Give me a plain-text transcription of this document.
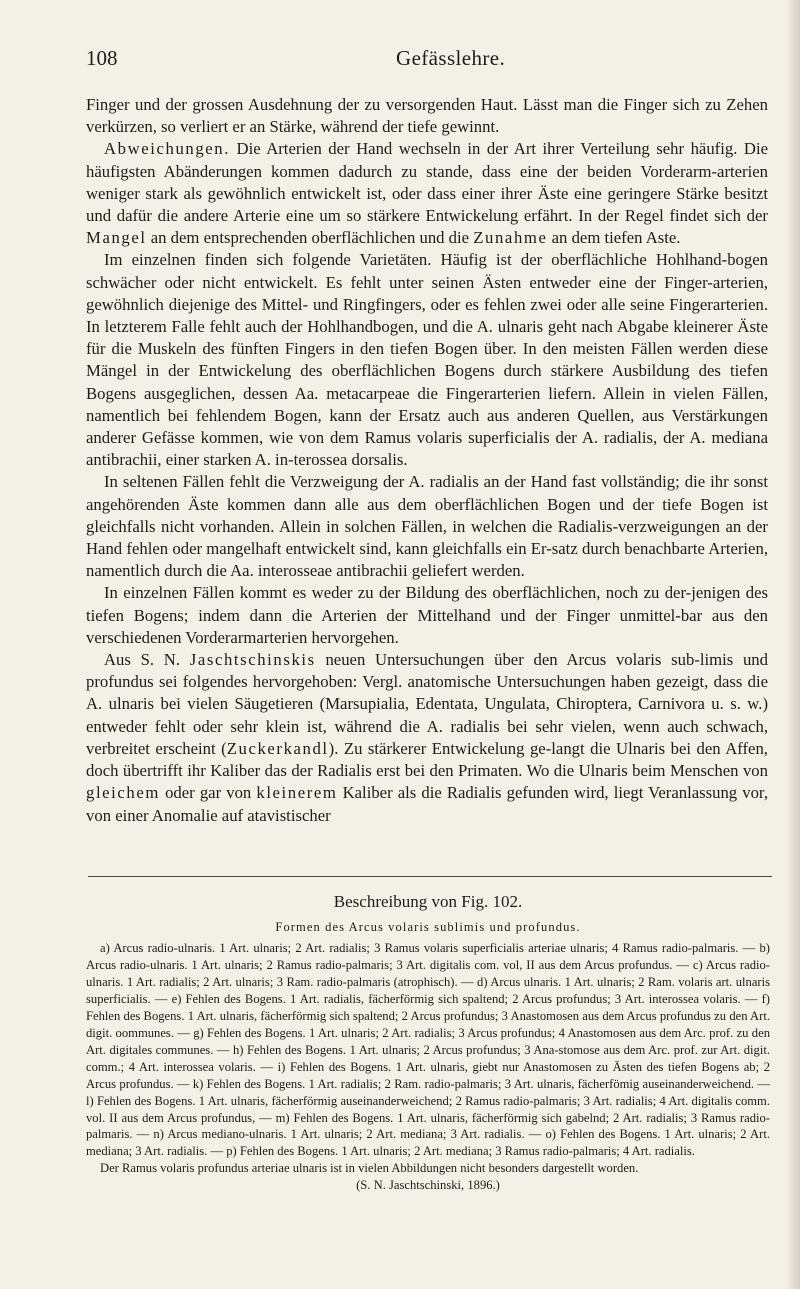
108	Gefässlehre.

Finger und der grossen Ausdehnung der zu versorgenden Haut. Lässt man die Finger sich zu Zehen verkürzen, so verliert er an Stärke, während der tiefe gewinnt.

Abweichungen. Die Arterien der Hand wechseln in der Art ihrer Verteilung sehr häufig. Die häufigsten Abänderungen kommen dadurch zu stande, dass eine der beiden Vorderarm-arterien weniger stark als gewöhnlich entwickelt ist, oder dass einer ihrer Äste eine geringere Stärke besitzt und dafür die andere Arterie eine um so stärkere Entwickelung erfährt. In der Regel findet sich der Mangel an dem entsprechenden oberflächlichen und die Zunahme an dem tiefen Aste.

Im einzelnen finden sich folgende Varietäten. Häufig ist der oberflächliche Hohlhand-bogen schwächer oder nicht entwickelt. Es fehlt unter seinen Ästen entweder eine der Finger-arterien, gewöhnlich diejenige des Mittel- und Ringfingers, oder es fehlen zwei oder alle seine Fingerarterien. In letzterem Falle fehlt auch der Hohlhandbogen, und die A. ulnaris geht nach Abgabe kleinerer Äste für die Muskeln des fünften Fingers in den tiefen Bogen über. In den meisten Fällen werden diese Mängel in der Entwickelung des oberflächlichen Bogens durch stärkere Ausbildung des tiefen Bogens ausgeglichen, dessen Aa. metacarpeae die Fingerarterien liefern. Allein in vielen Fällen, namentlich bei fehlendem Bogen, kann der Ersatz auch aus anderen Quellen, aus Verstärkungen anderer Gefässe kommen, wie von dem Ramus volaris superficialis der A. radialis, der A. mediana antibrachii, einer starken A. in-terossea dorsalis.

In seltenen Fällen fehlt die Verzweigung der A. radialis an der Hand fast vollständig; die ihr sonst angehörenden Äste kommen dann alle aus dem oberflächlichen Bogen und der tiefe Bogen ist gleichfalls nicht vorhanden. Allein in solchen Fällen, in welchen die Radialis-verzweigungen an der Hand fehlen oder mangelhaft entwickelt sind, kann gleichfalls ein Er-satz durch benachbarte Arterien, namentlich durch die Aa. interosseae antibrachii geliefert werden.

In einzelnen Fällen kommt es weder zu der Bildung des oberflächlichen, noch zu der-jenigen des tiefen Bogens; indem dann die Arterien der Mittelhand und der Finger unmittel-bar aus den verschiedenen Vorderarmarterien hervorgehen.

Aus S. N. Jaschtschinskis neuen Untersuchungen über den Arcus volaris sub-limis und profundus sei folgendes hervorgehoben: Vergl. anatomische Untersuchungen haben gezeigt, dass die A. ulnaris bei vielen Säugetieren (Marsupialia, Edentata, Ungulata, Chiroptera, Carnivora u. s. w.) entweder fehlt oder sehr klein ist, während die A. radialis bei sehr vielen, wenn auch schwach, verbreitet erscheint (Zuckerkandl). Zu stärkerer Entwickelung ge-langt die Ulnaris bei den Affen, doch übertrifft ihr Kaliber das der Radialis erst bei den Primaten. Wo die Ulnaris beim Menschen von gleichem oder gar von kleinerem Kaliber als die Radialis gefunden wird, liegt Veranlassung vor, von einer Anomalie auf atavistischer

Beschreibung von Fig. 102.
Formen des Arcus volaris sublimis und profundus.

a) Arcus radio-ulnaris. 1 Art. ulnaris; 2 Art. radialis; 3 Ramus volaris superficialis arteriae ulnaris; 4 Ramus radio-palmaris. — b) Arcus radio-ulnaris. 1 Art. ulnaris; 2 Ramus radio-palmaris; 3 Art. digitalis com. vol, II aus dem Arcus profundus. — c) Arcus radio-ulnaris. 1 Art. radialis; 2 Art. ulnaris; 3 Ram. radio-palmaris (atrophisch). — d) Arcus ulnaris. 1 Art. ulnaris; 2 Ram. volaris art. ulnaris superficialis. — e) Fehlen des Bogens. 1 Art. radialis, fächerförmig sich spaltend; 2 Arcus profundus; 3 Art. interossea volaris. — f) Fehlen des Bogens. 1 Art. ulnaris, fächerförmig sich spaltend; 2 Arcus profundus; 3 Anastomosen aus dem Arcus profundus zu den Art. digit. oommunes. — g) Fehlen des Bogens. 1 Art. ulnaris; 2 Art. radialis; 3 Arcus profundus; 4 Anastomosen aus dem Arc. prof. zu den Art. digitales communes. — h) Fehlen des Bogens. 1 Art. ulnaris; 2 Arcus profundus; 3 Ana-stomose aus dem Arc. prof. zur Art. digit. comm.; 4 Art. interossea volaris. — i) Fehlen des Bogens. 1 Art. ulnaris, giebt nur Anastomosen zu Ästen des tiefen Bogens ab; 2 Arcus profundus. — k) Fehlen des Bogens. 1 Art. radialis; 2 Ram. radio-palmaris; 3 Art. ulnaris, fächerfömig auseinanderweichend. — l) Fehlen des Bogens. 1 Art. ulnaris, fächerförmig auseinanderweichend; 2 Ramus radio-palmaris; 3 Art. radialis; 4 Art. digitalis comm. vol. II aus dem Arcus profundus, — m) Fehlen des Bogens. 1 Art. ulnaris, fächerförmig sich gabelnd; 2 Art. radialis; 3 Ramus radio-palmaris. — n) Arcus mediano-ulnaris. 1 Art. ulnaris; 2 Art. mediana; 3 Art. radialis. — o) Fehlen des Bogens. 1 Art. ulnaris; 2 Art. mediana; 3 Art. radialis. — p) Fehlen des Bogens. 1 Art. ulnaris; 2 Art. mediana; 3 Ramus radio-palmaris; 4 Art. radialis.

Der Ramus volaris profundus arteriae ulnaris ist in vielen Abbildungen nicht besonders dargestellt worden.

(S. N. Jaschtschinski, 1896.)
